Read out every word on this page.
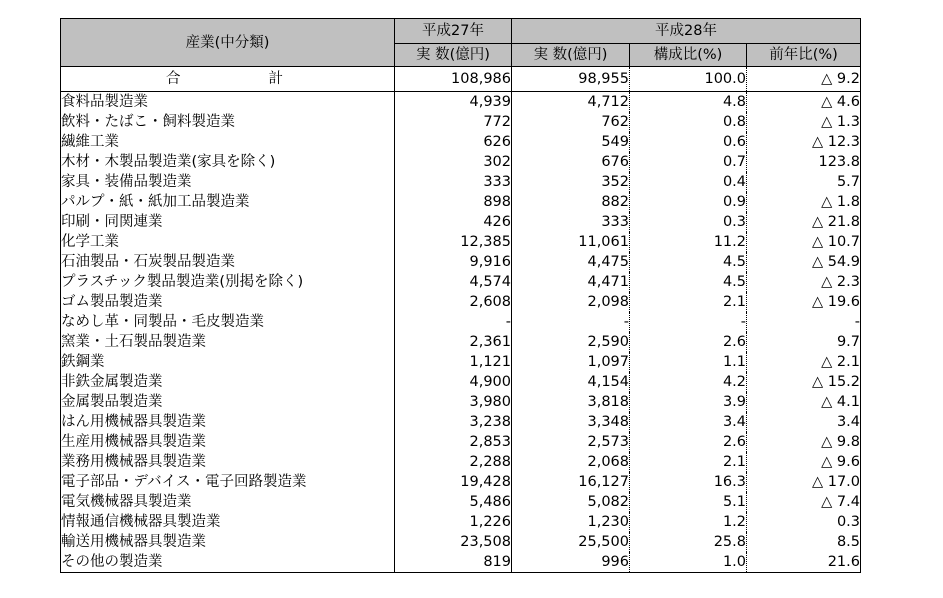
産業(中分類)	平成27年	平成28年		
	実 数(億円)	実 数(億円)	構成比(%)	前年比(%)
合　　　　計	108,986	98,955	100.0	△ 9.2
食料品製造業	4,939	4,712	4.8	△ 4.6
飲料・たばこ・飼料製造業	772	762	0.8	△ 1.3
繊維工業	626	549	0.6	△ 12.3
木材・木製品製造業(家具を除く)	302	676	0.7	123.8
家具・装備品製造業	333	352	0.4	5.7
パルプ・紙・紙加工品製造業	898	882	0.9	△ 1.8
印刷・同関連業	426	333	0.3	△ 21.8
化学工業	12,385	11,061	11.2	△ 10.7
石油製品・石炭製品製造業	9,916	4,475	4.5	△ 54.9
プラスチック製品製造業(別掲を除く)	4,574	4,471	4.5	△ 2.3
ゴム製品製造業	2,608	2,098	2.1	△ 19.6
なめし革・同製品・毛皮製造業	-	-	-	-
窯業・土石製品製造業	2,361	2,590	2.6	9.7
鉄鋼業	1,121	1,097	1.1	△ 2.1
非鉄金属製造業	4,900	4,154	4.2	△ 15.2
金属製品製造業	3,980	3,818	3.9	△ 4.1
はん用機械器具製造業	3,238	3,348	3.4	3.4
生産用機械器具製造業	2,853	2,573	2.6	△ 9.8
業務用機械器具製造業	2,288	2,068	2.1	△ 9.6
電子部品・デバイス・電子回路製造業	19,428	16,127	16.3	△ 17.0
電気機械器具製造業	5,486	5,082	5.1	△ 7.4
情報通信機械器具製造業	1,226	1,230	1.2	0.3
輸送用機械器具製造業	23,508	25,500	25.8	8.5
その他の製造業	819	996	1.0	21.6
